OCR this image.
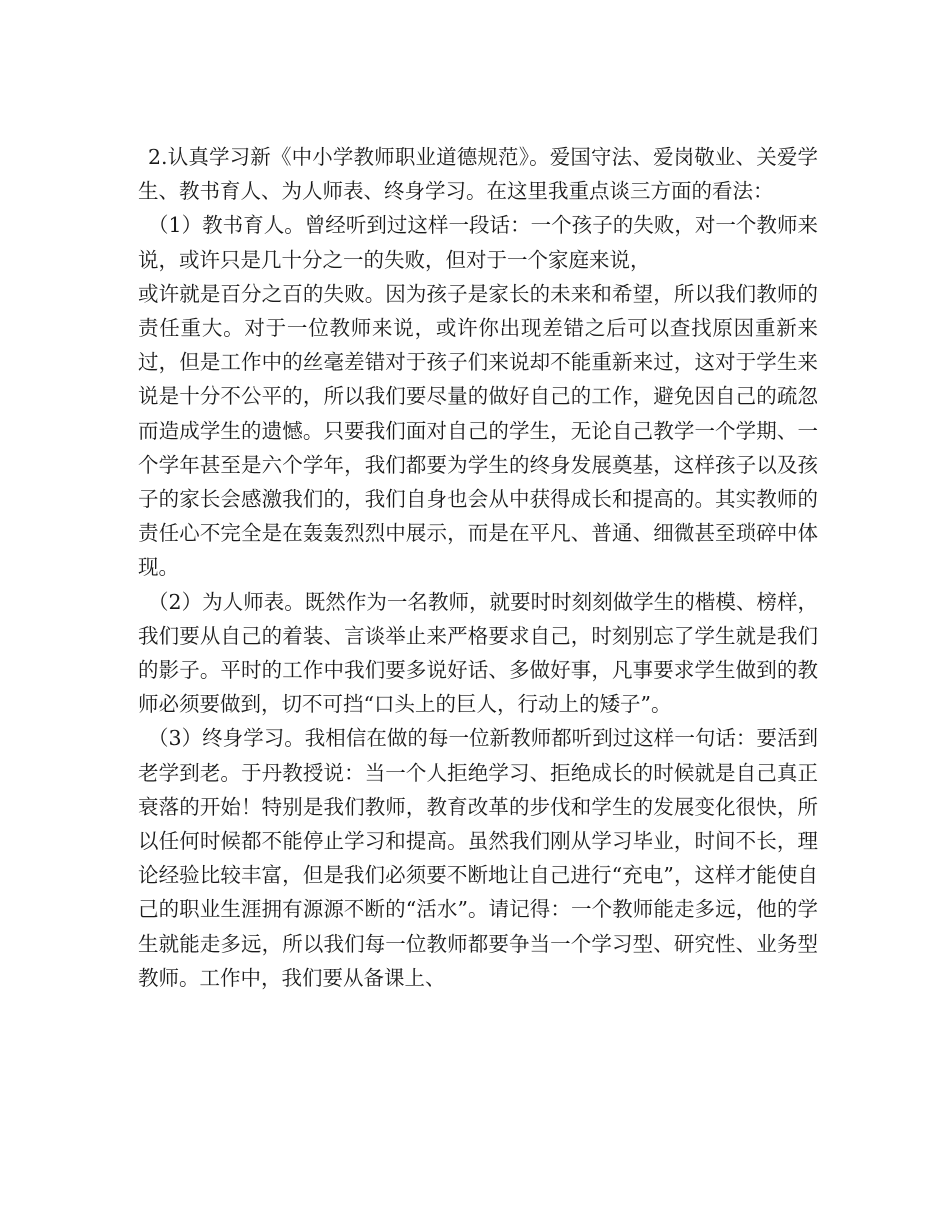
2.认真学习新《中小学教师职业道德规范》。爱国守法、爱岗敬业、关爱学生、教书育人、为人师表、终身学习。在这里我重点谈三方面的看法：

（1）教书育人。曾经听到过这样一段话：一个孩子的失败，对一个教师来说，或许只是几十分之一的失败，但对于一个家庭来说，

或许就是百分之百的失败。因为孩子是家长的未来和希望，所以我们教师的责任重大。对于一位教师来说，或许你出现差错之后可以查找原因重新来过，但是工作中的丝毫差错对于孩子们来说却不能重新来过，这对于学生来说是十分不公平的，所以我们要尽量的做好自己的工作，避免因自己的疏忽而造成学生的遗憾。只要我们面对自己的学生，无论自己教学一个学期、一个学年甚至是六个学年，我们都要为学生的终身发展奠基，这样孩子以及孩子的家长会感激我们的，我们自身也会从中获得成长和提高的。其实教师的责任心不完全是在轰轰烈烈中展示，而是在平凡、普通、细微甚至琐碎中体现。

（2）为人师表。既然作为一名教师，就要时时刻刻做学生的楷模、榜样，我们要从自己的着装、言谈举止来严格要求自己，时刻别忘了学生就是我们的影子。平时的工作中我们要多说好话、多做好事，凡事要求学生做到的教师必须要做到，切不可挡“口头上的巨人，行动上的矮子”。

（3）终身学习。我相信在做的每一位新教师都听到过这样一句话：要活到老学到老。于丹教授说：当一个人拒绝学习、拒绝成长的时候就是自己真正衰落的开始！特别是我们教师，教育改革的步伐和学生的发展变化很快，所以任何时候都不能停止学习和提高。虽然我们刚从学习毕业，时间不长，理论经验比较丰富，但是我们必须要不断地让自己进行“充电”，这样才能使自己的职业生涯拥有源源不断的“活水”。请记得：一个教师能走多远，他的学生就能走多远，所以我们每一位教师都要争当一个学习型、研究性、业务型教师。工作中，我们要从备课上、
